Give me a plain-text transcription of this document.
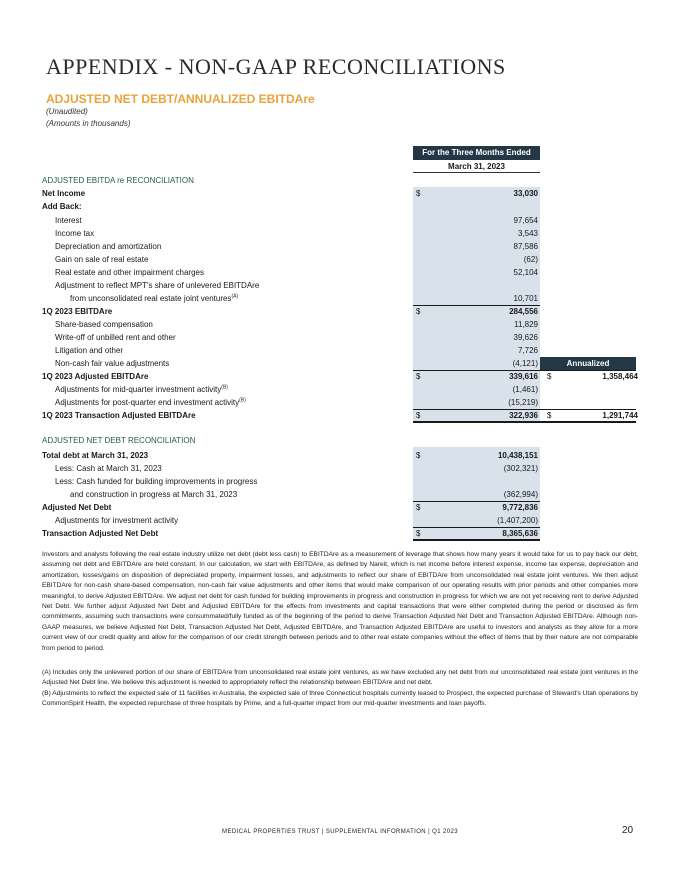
APPENDIX - NON-GAAP RECONCILIATIONS
ADJUSTED NET DEBT/ANNUALIZED EBITDAre
(Unaudited)
(Amounts in thousands)
For the Three Months Ended
March 31, 2023
Annualized
ADJUSTED EBITDA re RECONCILIATION
Net Income	$	33,030
Add Back:
Interest	97,654
Income tax	3,543
Depreciation and amortization	87,586
Gain on sale of real estate	(62)
Real estate and other impairment charges	52,104
Adjustment to reflect MPT's share of unlevered EBITDAre
from unconsolidated real estate joint ventures$^{(A)}$	10,701
1Q 2023 EBITDAre	$	284,556
Share-based compensation	11,829
Write-off of unbilled rent and other	39,626
Litigation and other	7,726
Non-cash fair value adjustments	(4,121)
1Q 2023 Adjusted EBITDAre	$	339,616 $	1,358,464
Adjustments for mid-quarter investment activity$^{(B)}$	(1,461)
Adjustments for post-quarter end investment activity$^{(B)}$	(15,219)
1Q 2023 Transaction Adjusted EBITDAre	$	322,936 $	1,291,744
ADJUSTED NET DEBT RECONCILIATION
Total debt at March 31, 2023	$	10,438,151
Less: Cash at March 31, 2023	(302,321)
Less: Cash funded for building improvements in progress
and construction in progress at March 31, 2023	(362,994)
Adjusted Net Debt	$	9,772,836
Adjustments for investment activity	(1,407,200)
Transaction Adjusted Net Debt	$	8,365,636
Investors and analysts following the real estate industry utilize net debt (debt less cash) to EBITDAre as a measurement of leverage that shows how many years it would take for us to pay back our debt, assuming net debt and EBITDAre are held constant. In our calculation, we start with EBITDAre, as defined by Nareit, which is net income before interest expense, income tax expense, depreciation and amortization, losses/gains on disposition of depreciated property, impairment losses, and adjustments to reflect our share of EBITDAre from unconsolidated real estate joint ventures. We then adjust EBITDAre for non-cash share-based compensation, non-cash fair value adjustments and other items that would make comparison of our operating results with prior periods and other companies more meaningful, to derive Adjusted EBITDAre. We adjust net debt for cash funded for building improvements in progress and construction in progress for which we are not yet receiving rent to derive Adjusted Net Debt. We further adjust Adjusted Net Debt and Adjusted EBITDAre for the effects from investments and capital transactions that were either completed during the period or disclosed as firm commitments, assuming such transactions were consummated/fully funded as of the beginning of the period to derive Transaction Adjusted Net Debt and Transaction Adjusted EBITDAre. Although non-GAAP measures, we believe Adjusted Net Debt, Transaction Adjusted Net Debt, Adjusted EBITDAre, and Transaction Adjusted EBITDAre are useful to investors and analysts as they allow for a more current view of our credit quality and allow for the comparison of our credit strength between periods and to other real estate companies without the effect of items that by their nature are not comparable from period to period.
(A) Includes only the unlevered portion of our share of EBITDAre from unconsolidated real estate joint ventures, as we have excluded any net debt from our unconsolidated real estate joint ventures in the Adjusted Net Debt line. We believe this adjustment is needed to appropriately reflect the relationship between EBITDAre and net debt.
(B) Adjustments to reflect the expected sale of 11 facilities in Australia, the expected sale of three Connecticut hospitals currently leased to Prospect, the expected purchase of Steward's Utah operations by CommonSpirit Health, the expected repurchase of three hospitals by Prime, and a full-quarter impact from our mid-quarter investments and loan payoffs.
MEDICAL PROPERTIES TRUST | SUPPLEMENTAL INFORMATION | Q1 2023	20
